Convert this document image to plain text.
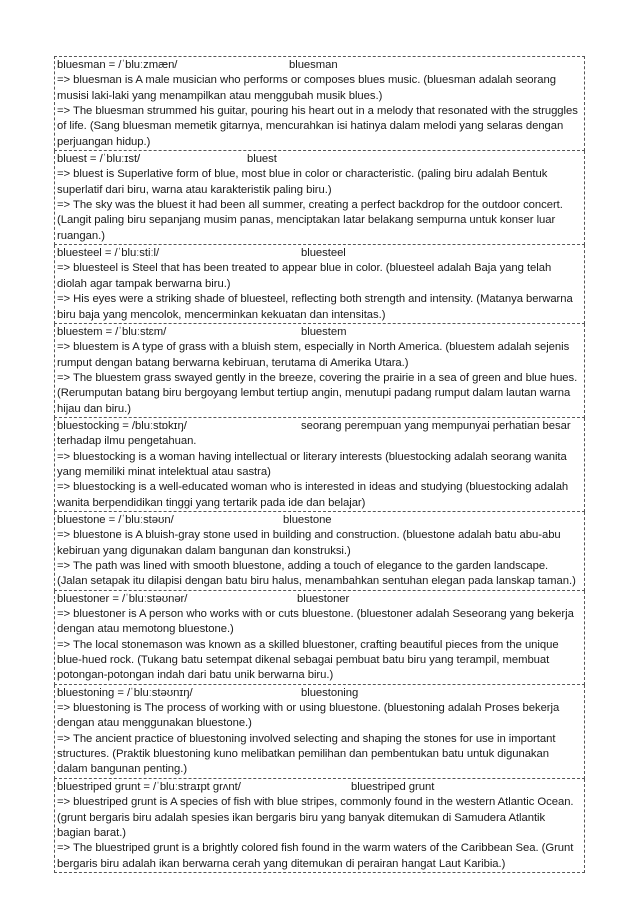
bluesman = /ˈbluːzmæn/	bluesman
=> bluesman is A male musician who performs or composes blues music. (bluesman adalah seorang musisi laki-laki yang menampilkan atau menggubah musik blues.)
=> The bluesman strummed his guitar, pouring his heart out in a melody that resonated with the struggles of life. (Sang bluesman memetik gitarnya, mencurahkan isi hatinya dalam melodi yang selaras dengan perjuangan hidup.)
bluest = /ˈbluːɪst/	bluest
=> bluest is Superlative form of blue, most blue in color or characteristic. (paling biru adalah Bentuk superlatif dari biru, warna atau karakteristik paling biru.)
=> The sky was the bluest it had been all summer, creating a perfect backdrop for the outdoor concert. (Langit paling biru sepanjang musim panas, menciptakan latar belakang sempurna untuk konser luar ruangan.)
bluesteel = /ˈbluːstiːl/	bluesteel
=> bluesteel is Steel that has been treated to appear blue in color. (bluesteel adalah Baja yang telah diolah agar tampak berwarna biru.)
=> His eyes were a striking shade of bluesteel, reflecting both strength and intensity. (Matanya berwarna biru baja yang mencolok, mencerminkan kekuatan dan intensitas.)
bluestem = /ˈbluːstɛm/	bluestem
=> bluestem is A type of grass with a bluish stem, especially in North America. (bluestem adalah sejenis rumput dengan batang berwarna kebiruan, terutama di Amerika Utara.)
=> The bluestem grass swayed gently in the breeze, covering the prairie in a sea of green and blue hues. (Rerumputan batang biru bergoyang lembut tertiup angin, menutupi padang rumput dalam lautan warna hijau dan biru.)
bluestocking = /bluːstɒkɪŋ/	seorang perempuan yang mempunyai perhatian besar
terhadap ilmu pengetahuan.
=> bluestocking is a woman having intellectual or literary interests (bluestocking adalah seorang wanita yang memiliki minat intelektual atau sastra)
=> bluestocking is a well-educated woman who is interested in ideas and studying (bluestocking adalah wanita berpendidikan tinggi yang tertarik pada ide dan belajar)
bluestone = /ˈbluːstəʊn/	bluestone
=> bluestone is A bluish-gray stone used in building and construction. (bluestone adalah batu abu-abu kebiruan yang digunakan dalam bangunan dan konstruksi.)
=> The path was lined with smooth bluestone, adding a touch of elegance to the garden landscape. (Jalan setapak itu dilapisi dengan batu biru halus, menambahkan sentuhan elegan pada lanskap taman.)
bluestoner = /ˈbluːstəʊnər/	bluestoner
=> bluestoner is A person who works with or cuts bluestone. (bluestoner adalah Seseorang yang bekerja dengan atau memotong bluestone.)
=> The local stonemason was known as a skilled bluestoner, crafting beautiful pieces from the unique blue-hued rock. (Tukang batu setempat dikenal sebagai pembuat batu biru yang terampil, membuat potongan-potongan indah dari batu unik berwarna biru.)
bluestoning = /ˈbluːstəʊnɪŋ/	bluestoning
=> bluestoning is The process of working with or using bluestone. (bluestoning adalah Proses bekerja dengan atau menggunakan bluestone.)
=> The ancient practice of bluestoning involved selecting and shaping the stones for use in important structures. (Praktik bluestoning kuno melibatkan pemilihan dan pembentukan batu untuk digunakan dalam bangunan penting.)
bluestriped grunt = /ˈbluːstraɪpt ɡrʌnt/	bluestriped grunt
=> bluestriped grunt is A species of fish with blue stripes, commonly found in the western Atlantic Ocean. (grunt bergaris biru adalah spesies ikan bergaris biru yang banyak ditemukan di Samudera Atlantik bagian barat.)
=> The bluestriped grunt is a brightly colored fish found in the warm waters of the Caribbean Sea. (Grunt bergaris biru adalah ikan berwarna cerah yang ditemukan di perairan hangat Laut Karibia.)
